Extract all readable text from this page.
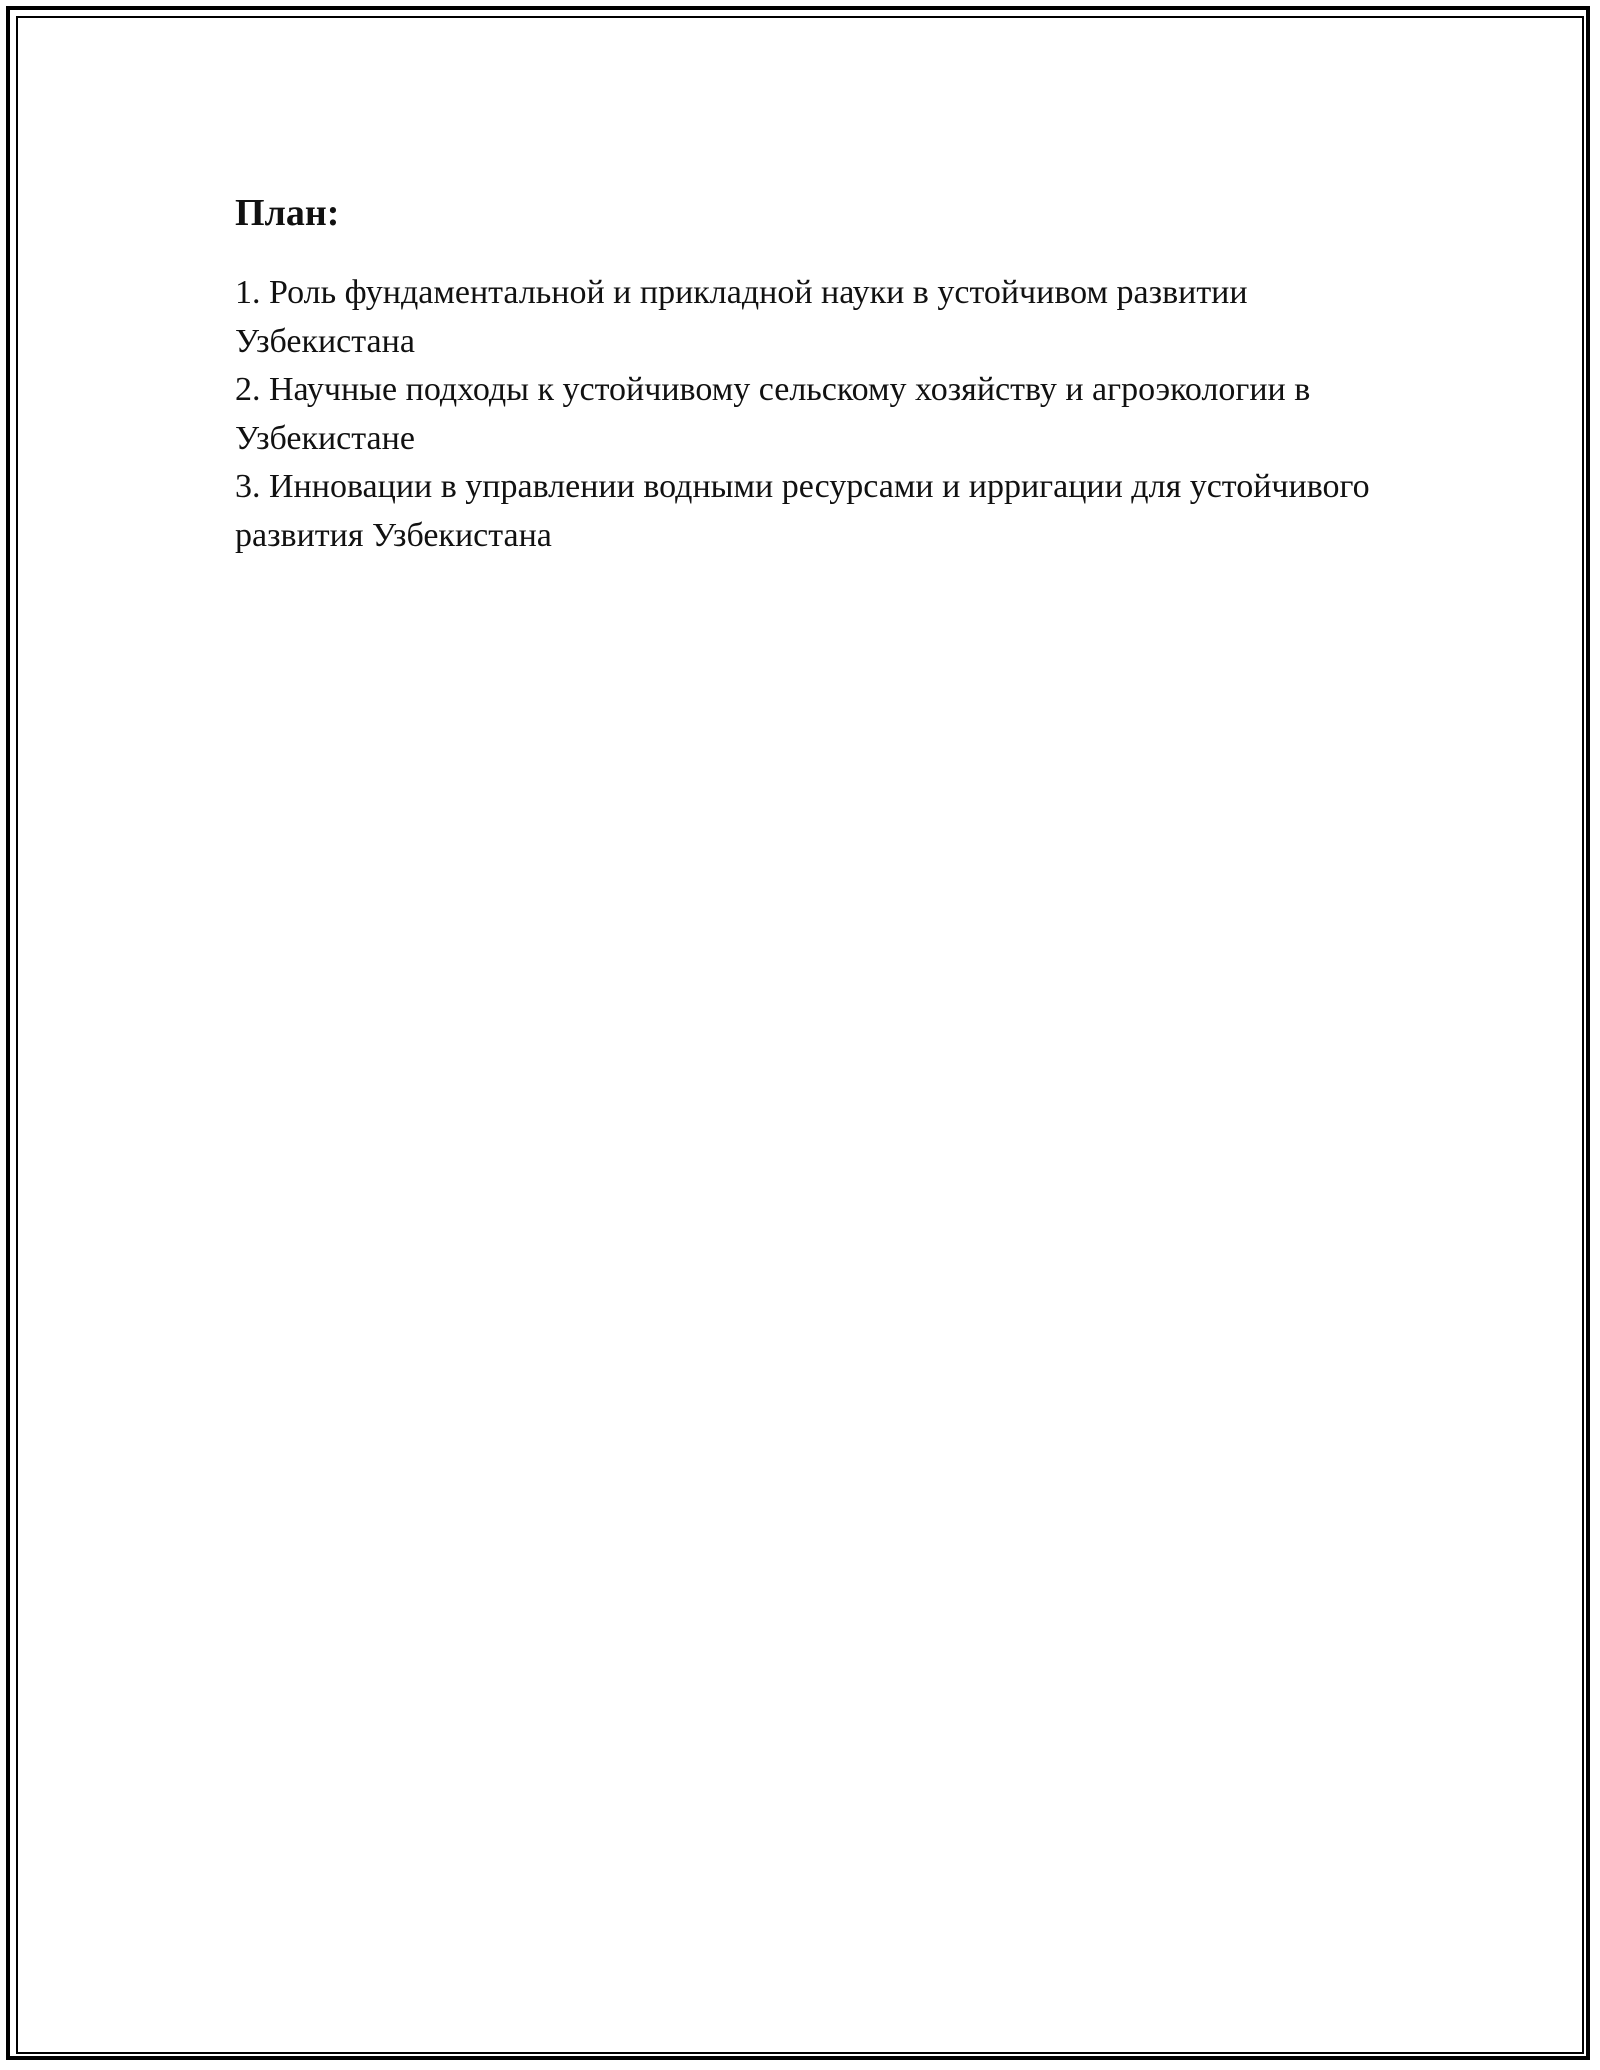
План:
1. Роль фундаментальной и прикладной науки в устойчивом развитии Узбекистана
2. Научные подходы к устойчивому сельскому хозяйству и агроэкологии в Узбекистане
3. Инновации в управлении водными ресурсами и ирригации для устойчивого развития Узбекистана
